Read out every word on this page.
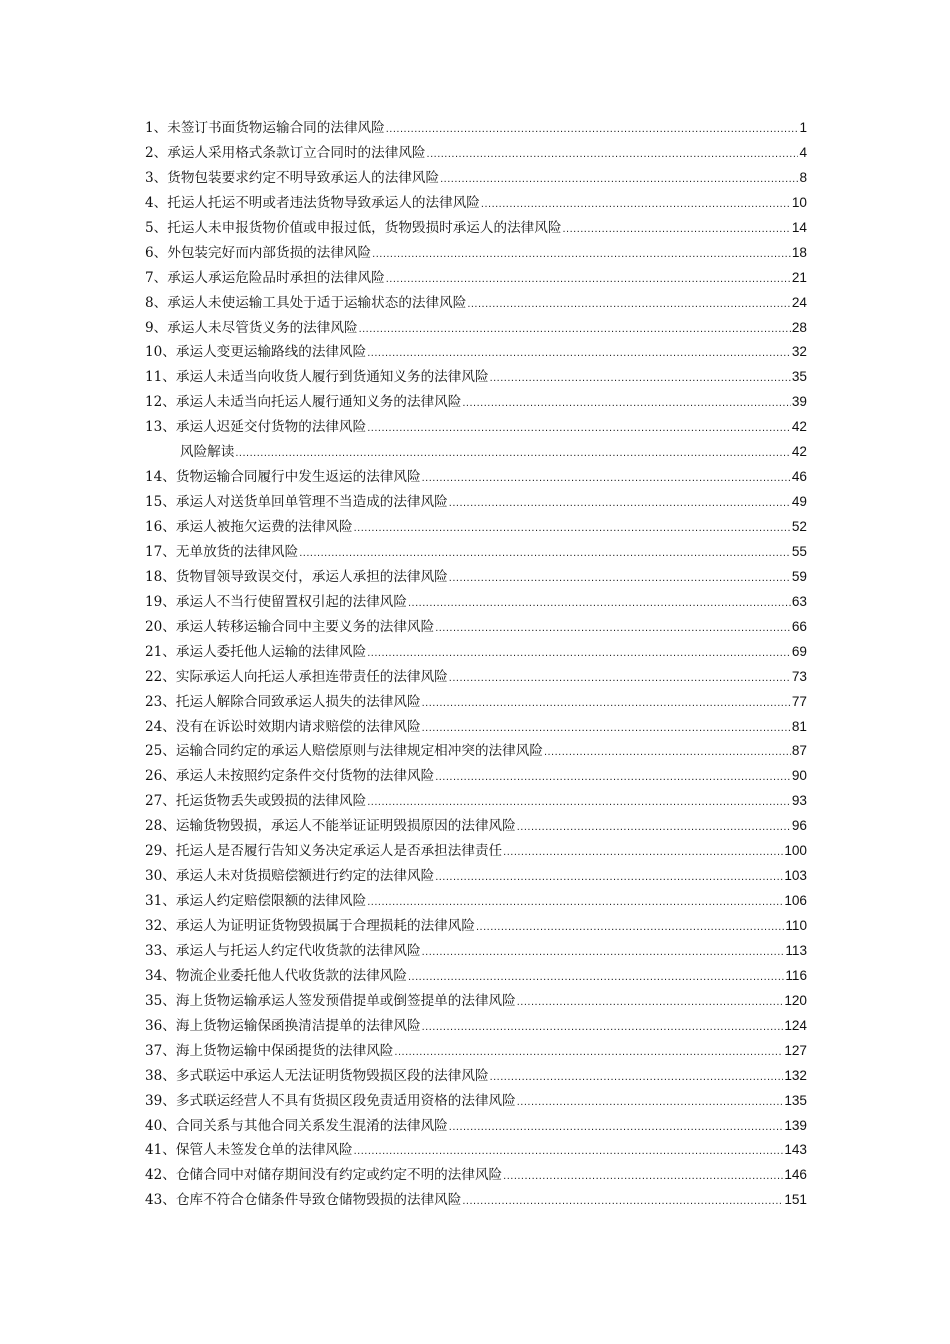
1、 未签订书面货物运输合同的法律风险 .....	1
2、 承运人采用格式条款订立合同时的法律风险 .....	4
3、 货物包装要求约定不明导致承运人的法律风险 .....	8
4、 托运人托运不明或者违法货物导致承运人的法律风险 .....	10
5、 托运人未申报货物价值或申报过低，货物毁损时承运人的法律风险 .....	14
6、 外包装完好而内部货损的法律风险 .....	18
7、 承运人承运危险品时承担的法律风险 .....	21
8、 承运人未使运输工具处于适于运输状态的法律风险 .....	24
9、 承运人未尽管货义务的法律风险 .....	28
10、 承运人变更运输路线的法律风险 .....	32
11、 承运人未适当向收货人履行到货通知义务的法律风险 .....	35
12、 承运人未适当向托运人履行通知义务的法律风险 .....	39
13、 承运人迟延交付货物的法律风险 .....	42
风险解读 .....	42
14、 货物运输合同履行中发生返运的法律风险 .....	46
15、 承运人对送货单回单管理不当造成的法律风险 .....	49
16、 承运人被拖欠运费的法律风险 .....	52
17、 无单放货的法律风险 .....	55
18、 货物冒领导致误交付，承运人承担的法律风险 .....	59
19、 承运人不当行使留置权引起的法律风险 .....	63
20、 承运人转移运输合同中主要义务的法律风险 .....	66
21、 承运人委托他人运输的法律风险 .....	69
22、 实际承运人向托运人承担连带责任的法律风险 .....	73
23、 托运人解除合同致承运人损失的法律风险 .....	77
24、 没有在诉讼时效期内请求赔偿的法律风险 .....	81
25、 运输合同约定的承运人赔偿原则与法律规定相冲突的法律风险 .....	87
26、 承运人未按照约定条件交付货物的法律风险 .....	90
27、 托运货物丢失或毁损的法律风险 .....	93
28、 运输货物毁损，承运人不能举证证明毁损原因的法律风险 .....	96
29、 托运人是否履行告知义务决定承运人是否承担法律责任 .....	100
30、 承运人未对货损赔偿额进行约定的法律风险 .....	103
31、 承运人约定赔偿限额的法律风险 .....	106
32、 承运人为证明证货物毁损属于合理损耗的法律风险 .....	110
33、 承运人与托运人约定代收货款的法律风险 .....	113
34、 物流企业委托他人代收货款的法律风险 .....	116
35、 海上货物运输承运人签发预借提单或倒签提单的法律风险 .....	120
36、 海上货物运输保函换清洁提单的法律风险 .....	124
37、 海上货物运输中保函提货的法律风险 .....	127
38、 多式联运中承运人无法证明货物毁损区段的法律风险 .....	132
39、 多式联运经营人不具有货损区段免责适用资格的法律风险 .....	135
40、 合同关系与其他合同关系发生混淆的法律风险 .....	139
41、 保管人未签发仓单的法律风险 .....	143
42、 仓储合同中对储存期间没有约定或约定不明的法律风险 .....	146
43、 仓库不符合仓储条件导致仓储物毁损的法律风险 .....	151
